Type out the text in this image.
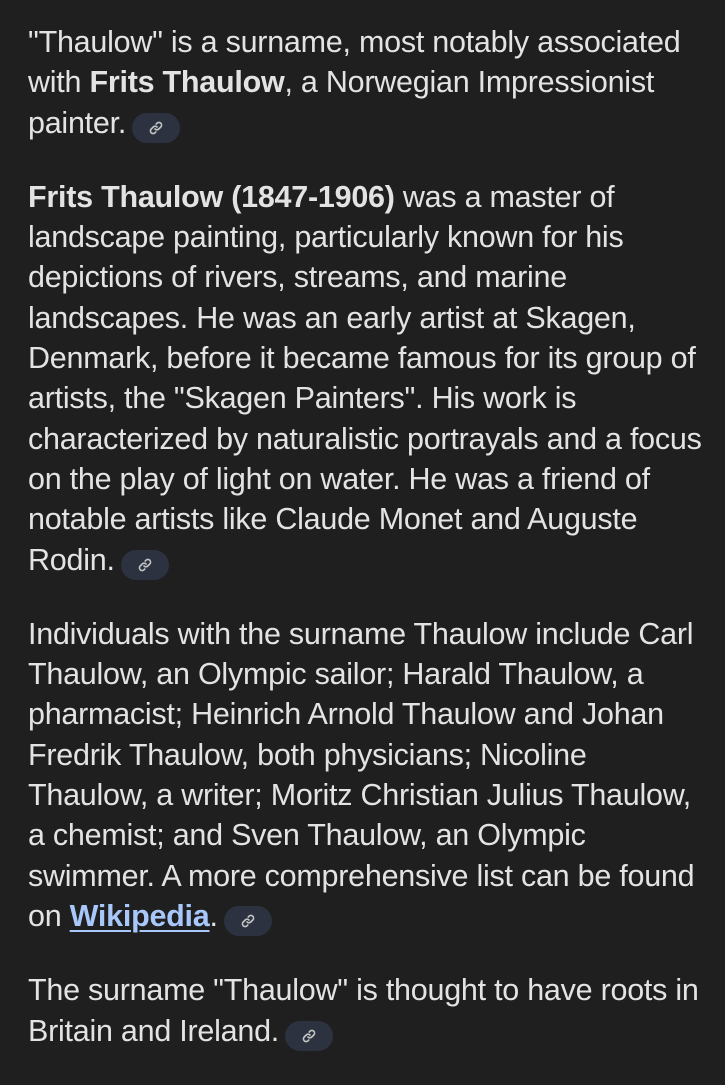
"Thaulow" is a surname, most notably associated with Frits Thaulow, a Norwegian Impressionist painter.

Frits Thaulow (1847-1906) was a master of landscape painting, particularly known for his depictions of rivers, streams, and marine landscapes. He was an early artist at Skagen, Denmark, before it became famous for its group of artists, the "Skagen Painters". His work is characterized by naturalistic portrayals and a focus on the play of light on water. He was a friend of notable artists like Claude Monet and Auguste Rodin.

Individuals with the surname Thaulow include Carl Thaulow, an Olympic sailor; Harald Thaulow, a pharmacist; Heinrich Arnold Thaulow and Johan Fredrik Thaulow, both physicians; Nicoline Thaulow, a writer; Moritz Christian Julius Thaulow, a chemist; and Sven Thaulow, an Olympic swimmer. A more comprehensive list can be found on Wikipedia.

The surname "Thaulow" is thought to have roots in Britain and Ireland.
